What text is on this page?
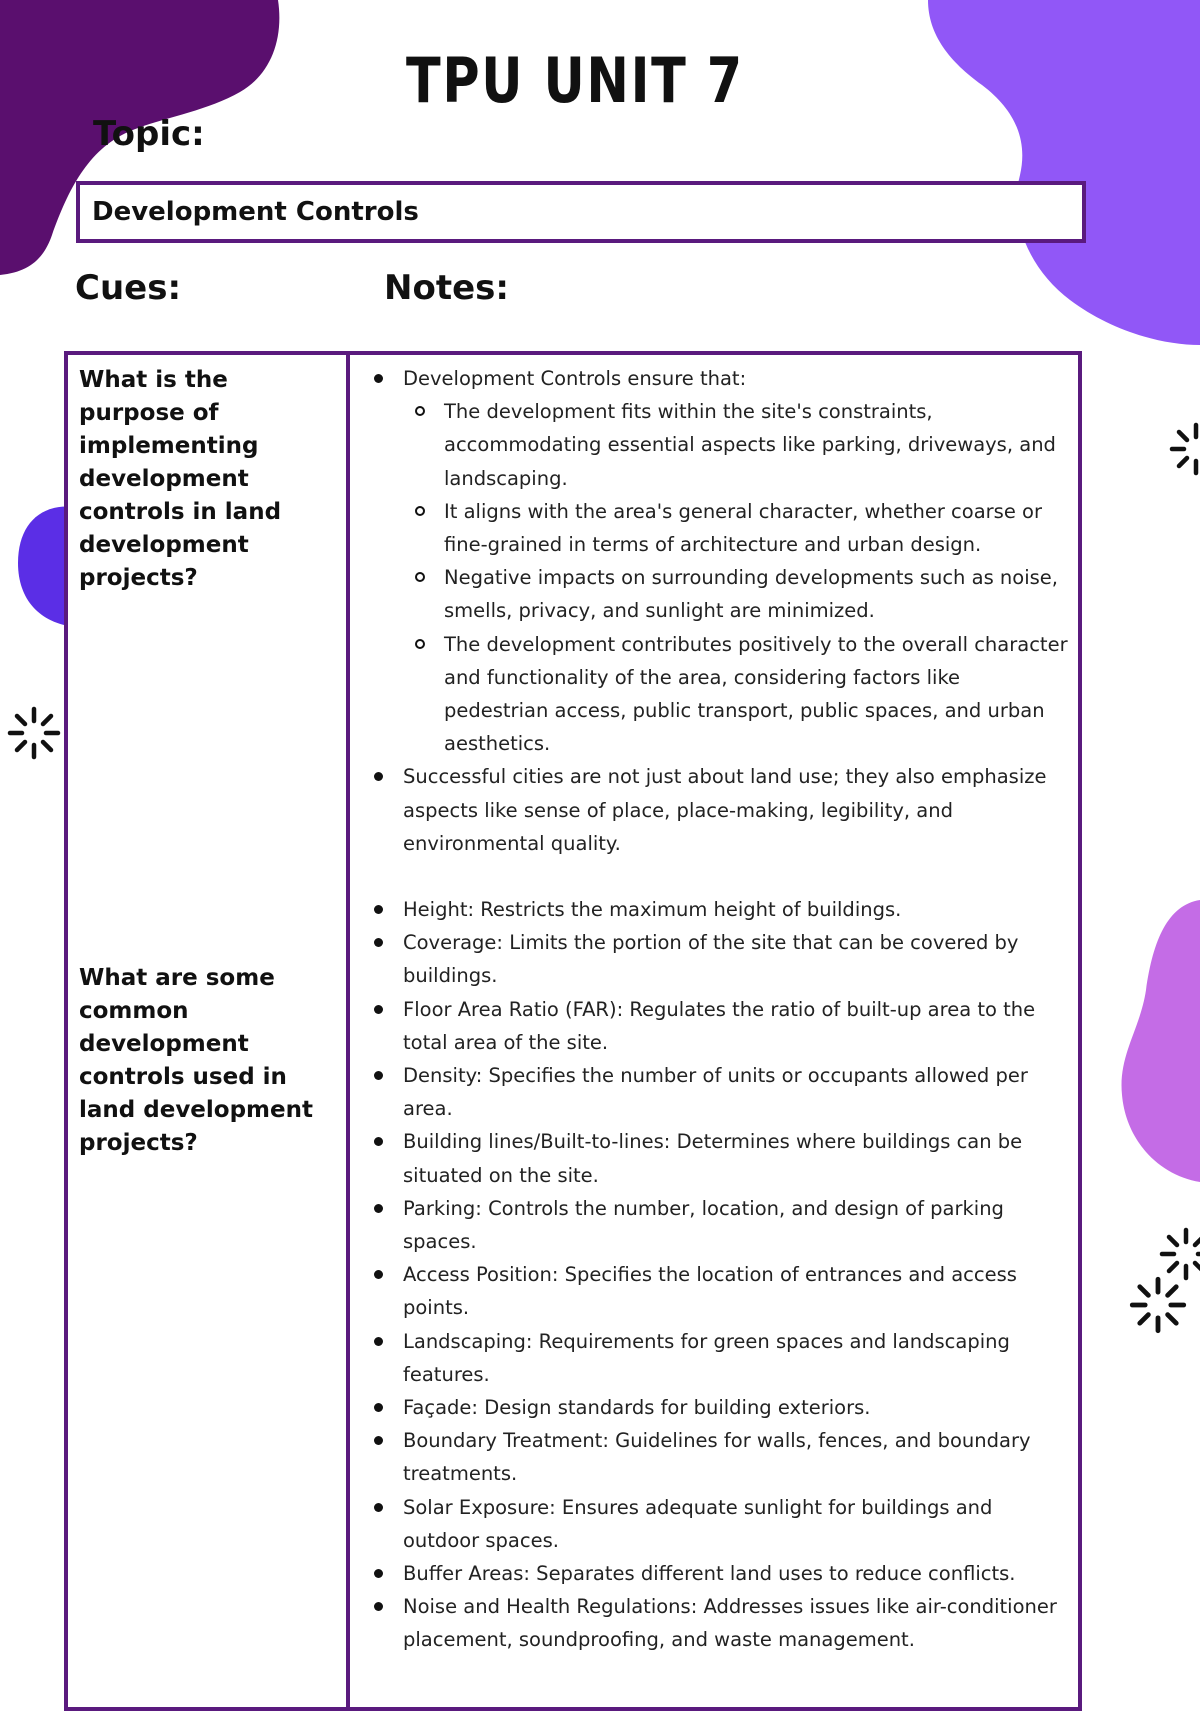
TPU UNIT 7
Topic:
Development Controls
Cues:	Notes:

What is the purpose of implementing development controls in land development projects?

Development Controls ensure that:
The development fits within the site's constraints, accommodating essential aspects like parking, driveways, and landscaping.
It aligns with the area's general character, whether coarse or fine-grained in terms of architecture and urban design.
Negative impacts on surrounding developments such as noise, smells, privacy, and sunlight are minimized.
The development contributes positively to the overall character and functionality of the area, considering factors like pedestrian access, public transport, public spaces, and urban aesthetics.
Successful cities are not just about land use; they also emphasize aspects like sense of place, place-making, legibility, and environmental quality.

What are some common development controls used in land development projects?

Height: Restricts the maximum height of buildings.
Coverage: Limits the portion of the site that can be covered by buildings.
Floor Area Ratio (FAR): Regulates the ratio of built-up area to the total area of the site.
Density: Specifies the number of units or occupants allowed per area.
Building lines/Built-to-lines: Determines where buildings can be situated on the site.
Parking: Controls the number, location, and design of parking spaces.
Access Position: Specifies the location of entrances and access points.
Landscaping: Requirements for green spaces and landscaping features.
Façade: Design standards for building exteriors.
Boundary Treatment: Guidelines for walls, fences, and boundary treatments.
Solar Exposure: Ensures adequate sunlight for buildings and outdoor spaces.
Buffer Areas: Separates different land uses to reduce conflicts.
Noise and Health Regulations: Addresses issues like air-conditioner placement, soundproofing, and waste management.
